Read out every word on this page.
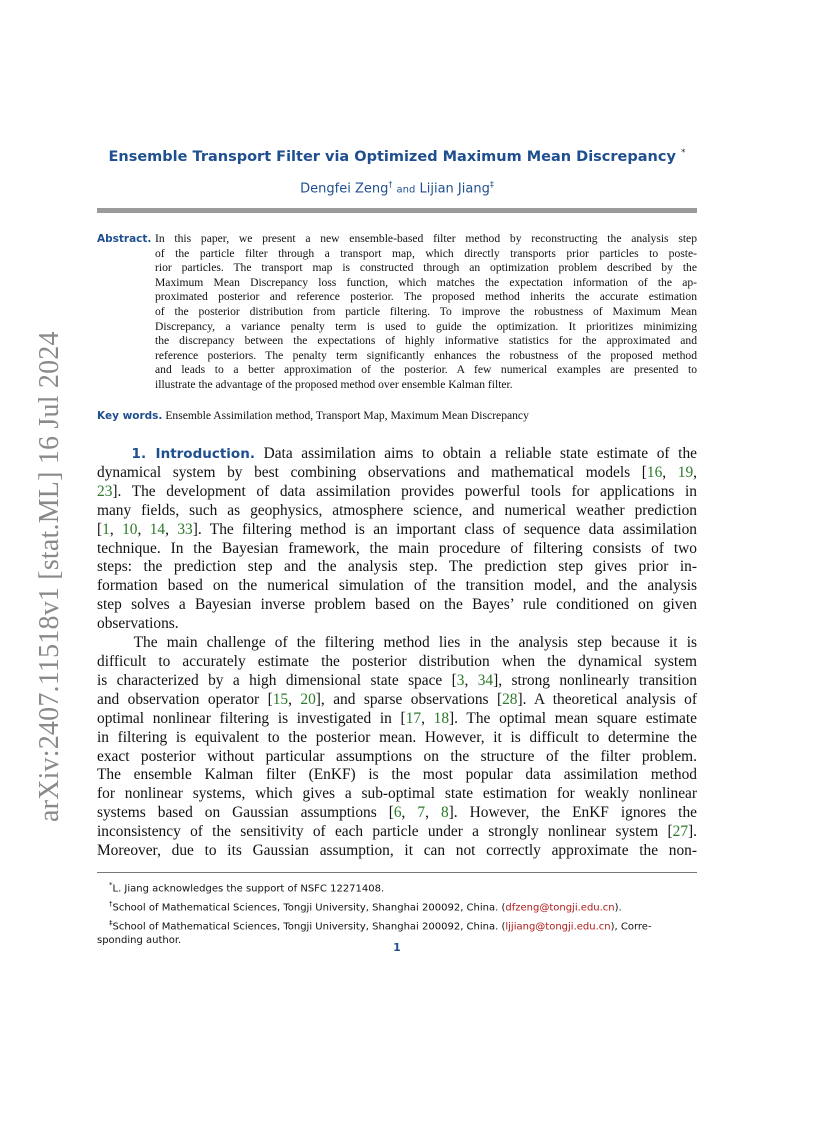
arXiv:2407.11518v1 [stat.ML] 16 Jul 2024
Ensemble Transport Filter via Optimized Maximum Mean Discrepancy *
Dengfei Zeng† and Lijian Jiang‡
Abstract. In this paper, we present a new ensemble-based filter method by reconstructing the analysis step
of the particle filter through a transport map, which directly transports prior particles to poste-
rior particles. The transport map is constructed through an optimization problem described by the
Maximum Mean Discrepancy loss function, which matches the expectation information of the ap-
proximated posterior and reference posterior. The proposed method inherits the accurate estimation
of the posterior distribution from particle filtering. To improve the robustness of Maximum Mean
Discrepancy, a variance penalty term is used to guide the optimization. It prioritizes minimizing
the discrepancy between the expectations of highly informative statistics for the approximated and
reference posteriors. The penalty term significantly enhances the robustness of the proposed method
and leads to a better approximation of the posterior. A few numerical examples are presented to
illustrate the advantage of the proposed method over ensemble Kalman filter.
Key words. Ensemble Assimilation method, Transport Map, Maximum Mean Discrepancy
1. Introduction. Data assimilation aims to obtain a reliable state estimate of the
dynamical system by best combining observations and mathematical models [16, 19,
23]. The development of data assimilation provides powerful tools for applications in
many fields, such as geophysics, atmosphere science, and numerical weather prediction
[1, 10, 14, 33]. The filtering method is an important class of sequence data assimilation
technique. In the Bayesian framework, the main procedure of filtering consists of two
steps: the prediction step and the analysis step. The prediction step gives prior in-
formation based on the numerical simulation of the transition model, and the analysis
step solves a Bayesian inverse problem based on the Bayes’ rule conditioned on given
observations.
The main challenge of the filtering method lies in the analysis step because it is
difficult to accurately estimate the posterior distribution when the dynamical system
is characterized by a high dimensional state space [3, 34], strong nonlinearly transition
and observation operator [15, 20], and sparse observations [28]. A theoretical analysis of
optimal nonlinear filtering is investigated in [17, 18]. The optimal mean square estimate
in filtering is equivalent to the posterior mean. However, it is difficult to determine the
exact posterior without particular assumptions on the structure of the filter problem.
The ensemble Kalman filter (EnKF) is the most popular data assimilation method
for nonlinear systems, which gives a sub-optimal state estimation for weakly nonlinear
systems based on Gaussian assumptions [6, 7, 8]. However, the EnKF ignores the
inconsistency of the sensitivity of each particle under a strongly nonlinear system [27].
Moreover, due to its Gaussian assumption, it can not correctly approximate the non-

*L. Jiang acknowledges the support of NSFC 12271408.

†School of Mathematical Sciences, Tongji University, Shanghai 200092, China. (dfzeng@tongji.edu.cn).

‡School of Mathematical Sciences, Tongji University, Shanghai 200092, China. (ljjiang@tongji.edu.cn), Corre-

sponding author.

1
